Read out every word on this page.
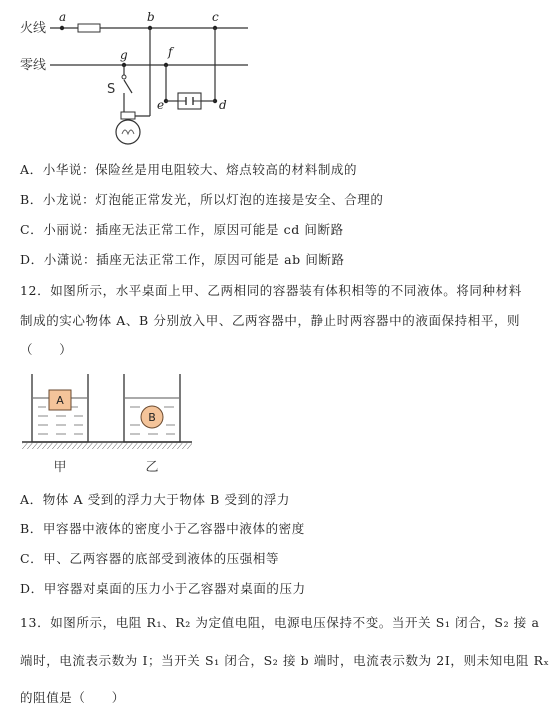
火线
a	b	c
零线
g	f
S
e	d
A．小华说：保险丝是用电阻较大、熔点较高的材料制成的
B．小龙说：灯泡能正常发光，所以灯泡的连接是安全、合理的
C．小丽说：插座无法正常工作，原因可能是 cd 间断路
D．小潇说：插座无法正常工作，原因可能是 ab 间断路
12．如图所示，水平桌面上甲、乙两相同的容器装有体积相等的不同液体。将同种材料
制成的实心物体 A、B 分别放入甲、乙两容器中，静止时两容器中的液面保持相平，则
（　　）
A
B
甲	乙
A．物体 A 受到的浮力大于物体 B 受到的浮力
B．甲容器中液体的密度小于乙容器中液体的密度
C．甲、乙两容器的底部受到液体的压强相等
D．甲容器对桌面的压力小于乙容器对桌面的压力
13．如图所示，电阻 R₁、R₂ 为定值电阻，电源电压保持不变。当开关 S₁ 闭合，S₂ 接 a
端时，电流表示数为 I；当开关 S₁ 闭合，S₂ 接 b 端时，电流表示数为 2I，则未知电阻 Rₓ
的阻值是（　　）
